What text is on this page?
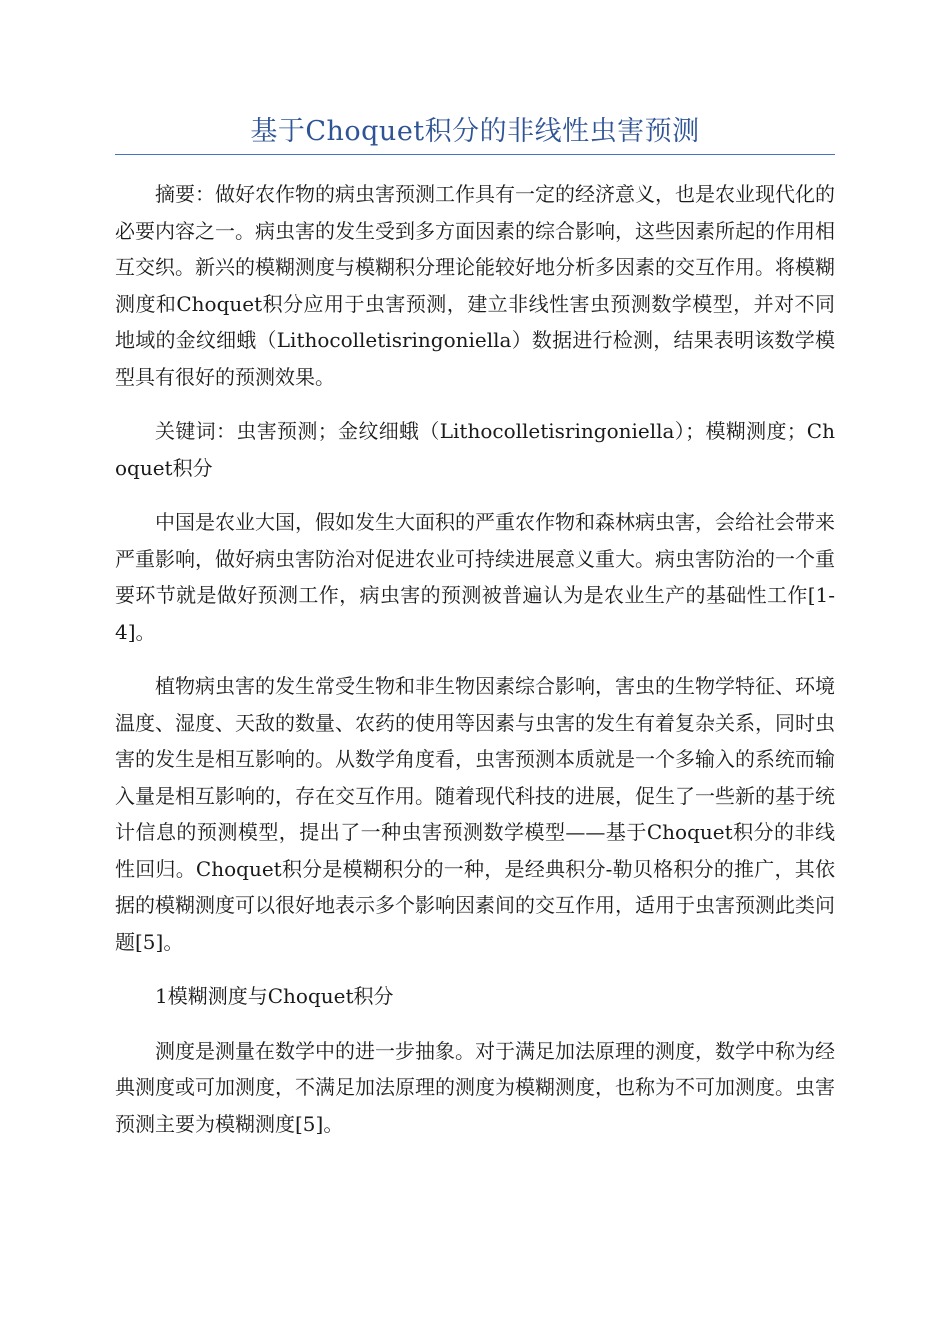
基于Choquet积分的非线性虫害预测

摘要：做好农作物的病虫害预测工作具有一定的经济意义，也是农业现代化的必要内容之一。病虫害的发生受到多方面因素的综合影响，这些因素所起的作用相互交织。新兴的模糊测度与模糊积分理论能较好地分析多因素的交互作用。将模糊测度和Choquet积分应用于虫害预测，建立非线性害虫预测数学模型，并对不同地域的金纹细蛾（Lithocolletisringoniella）数据进行检测，结果表明该数学模型具有很好的预测效果。

关键词：虫害预测；金纹细蛾（Lithocolletisringoniella）；模糊测度；Choquet积分

中国是农业大国，假如发生大面积的严重农作物和森林病虫害，会给社会带来严重影响，做好病虫害防治对促进农业可持续进展意义重大。病虫害防治的一个重要环节就是做好预测工作，病虫害的预测被普遍认为是农业生产的基础性工作[1-4]。

植物病虫害的发生常受生物和非生物因素综合影响，害虫的生物学特征、环境温度、湿度、天敌的数量、农药的使用等因素与虫害的发生有着复杂关系，同时虫害的发生是相互影响的。从数学角度看，虫害预测本质就是一个多输入的系统而输入量是相互影响的，存在交互作用。随着现代科技的进展，促生了一些新的基于统计信息的预测模型，提出了一种虫害预测数学模型——基于Choquet积分的非线性回归。Choquet积分是模糊积分的一种，是经典积分-勒贝格积分的推广，其依据的模糊测度可以很好地表示多个影响因素间的交互作用，适用于虫害预测此类问题[5]。

1模糊测度与Choquet积分

测度是测量在数学中的进一步抽象。对于满足加法原理的测度，数学中称为经典测度或可加测度，不满足加法原理的测度为模糊测度，也称为不可加测度。虫害预测主要为模糊测度[5]。
